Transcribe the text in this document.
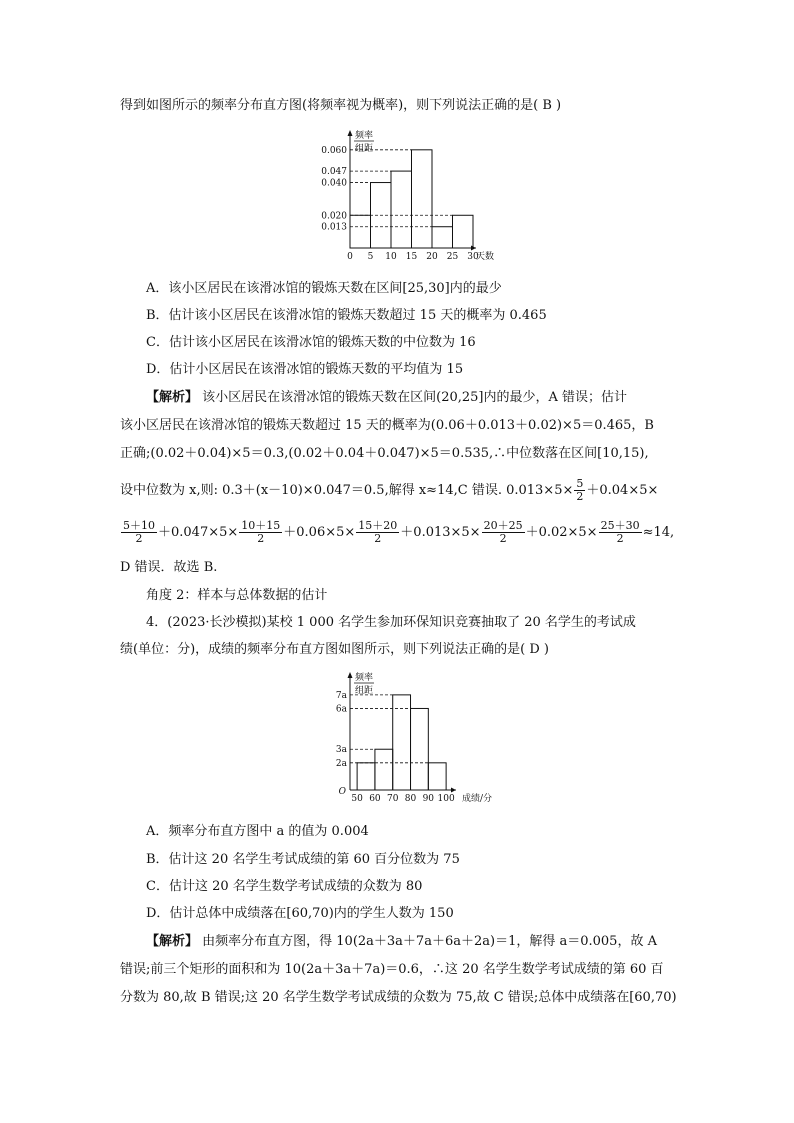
得到如图所示的频率分布直方图(将频率视为概率)，则下列说法正确的是( B )
频率
组距
0.060
0.047
0.040
0.020
0.013
0 5 10 15 20 25 30
天数
A．该小区居民在该滑冰馆的锻炼天数在区间[25,30]内的最少
B．估计该小区居民在该滑冰馆的锻炼天数超过 15 天的概率为 0.465
C．估计该小区居民在该滑冰馆的锻炼天数的中位数为 16
D．估计小区居民在该滑冰馆的锻炼天数的平均值为 15
【解析】 该小区居民在该滑冰馆的锻炼天数在区间(20,25]内的最少，A 错误；估计
该小区居民在该滑冰馆的锻炼天数超过 15 天的概率为(0.06＋0.013＋0.02)×5＝0.465，B
正确;(0.02＋0.04)×5＝0.3,(0.02＋0.04＋0.047)×5＝0.535,∴中位数落在区间[10,15),
设中位数为 x,则: 0.3＋(x－10)×0.047＝0.5,解得 x≈14,C 错误. $0.013\times 5\times \frac{5}{2} +0.04\times 5\times$
$\frac{5+10}{2} +0.047\times 5\times \frac{10+15}{2} +0.06\times 5\times \frac{15+20}{2} +0.013\times 5\times \frac{20+25}{2} +0.02\times 5\times \frac{25+30}{2} \approx 14$,
D 错误．故选 B.
角度 2：样本与总体数据的估计
4．(2023·长沙模拟)某校 1 000 名学生参加环保知识竞赛抽取了 20 名学生的考试成
绩(单位：分)，成绩的频率分布直方图如图所示，则下列说法正确的是( D )
频率
组距
7a
6a
3a
2a
50 60 70 80 90 100
O
成绩/分
A．频率分布直方图中 a 的值为 0.004
B．估计这 20 名学生考试成绩的第 60 百分位数为 75
C．估计这 20 名学生数学考试成绩的众数为 80
D．估计总体中成绩落在[60,70)内的学生人数为 150
【解析】 由频率分布直方图，得 10(2a＋3a＋7a＋6a＋2a)＝1，解得 a＝0.005，故 A
错误;前三个矩形的面积和为 10(2a＋3a＋7a)＝0.6，∴这 20 名学生数学考试成绩的第 60 百
分数为 80,故 B 错误;这 20 名学生数学考试成绩的众数为 75,故 C 错误;总体中成绩落在[60,70)
